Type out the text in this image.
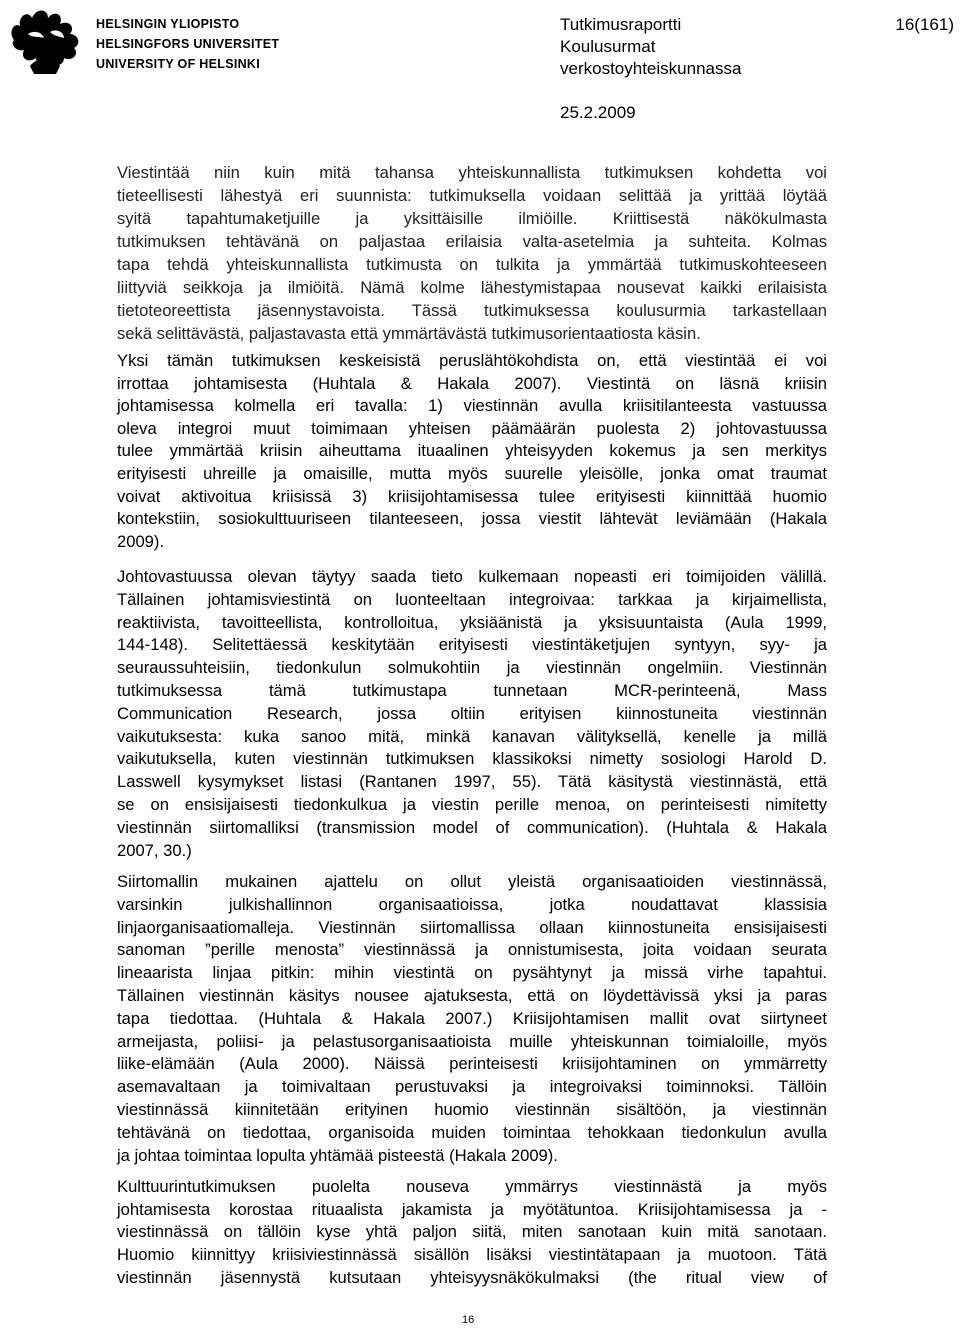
HELSINGIN YLIOPISTO
HELSINGFORS UNIVERSITET
UNIVERSITY OF HELSINKI
Tutkimusraportti
Koulusurmat
verkostoyhteiskunnassa
16(161)
25.2.2009

Viestintää niin kuin mitä tahansa yhteiskunnallista tutkimuksen kohdetta voi

tieteellisesti lähestyä eri suunnista: tutkimuksella voidaan selittää ja yrittää löytää

syitä tapahtumaketjuille ja yksittäisille ilmiöille. Kriittisestä näkökulmasta

tutkimuksen tehtävänä on paljastaa erilaisia valta-asetelmia ja suhteita. Kolmas

tapa tehdä yhteiskunnallista tutkimusta on tulkita ja ymmärtää tutkimuskohteeseen

liittyviä seikkoja ja ilmiöitä. Nämä kolme lähestymistapaa nousevat kaikki erilaisista

tietoteoreettista jäsennystavoista. Tässä tutkimuksessa koulusurmia tarkastellaan

sekä selittävästä, paljastavasta että ymmärtävästä tutkimusorientaatiosta käsin.

Yksi tämän tutkimuksen keskeisistä peruslähtökohdista on, että viestintää ei voi

irrottaa johtamisesta (Huhtala & Hakala 2007). Viestintä on läsnä kriisin

johtamisessa kolmella eri tavalla: 1) viestinnän avulla kriisitilanteesta vastuussa

oleva integroi muut toimimaan yhteisen päämäärän puolesta 2) johtovastuussa

tulee ymmärtää kriisin aiheuttama ituaalinen yhteisyyden kokemus ja sen merkitys

erityisesti uhreille ja omaisille, mutta myös suurelle yleisölle, jonka omat traumat

voivat aktivoitua kriisissä 3) kriisijohtamisessa tulee erityisesti kiinnittää huomio

kontekstiin, sosiokulttuuriseen tilanteeseen, jossa viestit lähtevät leviämään (Hakala

2009).

Johtovastuussa olevan täytyy saada tieto kulkemaan nopeasti eri toimijoiden välillä.

Tällainen johtamisviestintä on luonteeltaan integroivaa: tarkkaa ja kirjaimellista,

reaktiivista, tavoitteellista, kontrolloitua, yksiäänistä ja yksisuuntaista (Aula 1999,

144-148). Selitettäessä keskitytään erityisesti viestintäketjujen syntyyn, syy- ja

seuraussuhteisiin, tiedonkulun solmukohtiin ja viestinnän ongelmiin. Viestinnän

tutkimuksessa tämä tutkimustapa tunnetaan MCR-perinteenä, Mass

Communication Research, jossa oltiin erityisen kiinnostuneita viestinnän

vaikutuksesta: kuka sanoo mitä, minkä kanavan välityksellä, kenelle ja millä

vaikutuksella, kuten viestinnän tutkimuksen klassikoksi nimetty sosiologi Harold D.

Lasswell kysymykset listasi (Rantanen 1997, 55). Tätä käsitystä viestinnästä, että

se on ensisijaisesti tiedonkulkua ja viestin perille menoa, on perinteisesti nimitetty

viestinnän siirtomalliksi (transmission model of communication). (Huhtala & Hakala

2007, 30.)

Siirtomallin mukainen ajattelu on ollut yleistä organisaatioiden viestinnässä,

varsinkin julkishallinnon organisaatioissa, jotka noudattavat klassisia

linjaorganisaatiomalleja. Viestinnän siirtomallissa ollaan kiinnostuneita ensisijaisesti

sanoman ”perille menosta” viestinnässä ja onnistumisesta, joita voidaan seurata

lineaarista linjaa pitkin: mihin viestintä on pysähtynyt ja missä virhe tapahtui.

Tällainen viestinnän käsitys nousee ajatuksesta, että on löydettävissä yksi ja paras

tapa tiedottaa. (Huhtala & Hakala 2007.) Kriisijohtamisen mallit ovat siirtyneet

armeijasta, poliisi- ja pelastusorganisaatioista muille yhteiskunnan toimialoille, myös

liike-elämään (Aula 2000). Näissä perinteisesti kriisijohtaminen on ymmärretty

asemavaltaan ja toimivaltaan perustuvaksi ja integroivaksi toiminnoksi. Tällöin

viestinnässä kiinnitetään erityinen huomio viestinnän sisältöön, ja viestinnän

tehtävänä on tiedottaa, organisoida muiden toimintaa tehokkaan tiedonkulun avulla

ja johtaa toimintaa lopulta yhtämää pisteestä (Hakala 2009).

Kulttuurintutkimuksen puolelta nouseva ymmärrys viestinnästä ja myös

johtamisesta korostaa rituaalista jakamista ja myötätuntoa. Kriisijohtamisessa ja -

viestinnässä on tällöin kyse yhtä paljon siitä, miten sanotaan kuin mitä sanotaan.

Huomio kiinnittyy kriisiviestinnässä sisällön lisäksi viestintätapaan ja muotoon. Tätä

viestinnän jäsennystä kutsutaan yhteisyysnäkökulmaksi (the ritual view of

16
